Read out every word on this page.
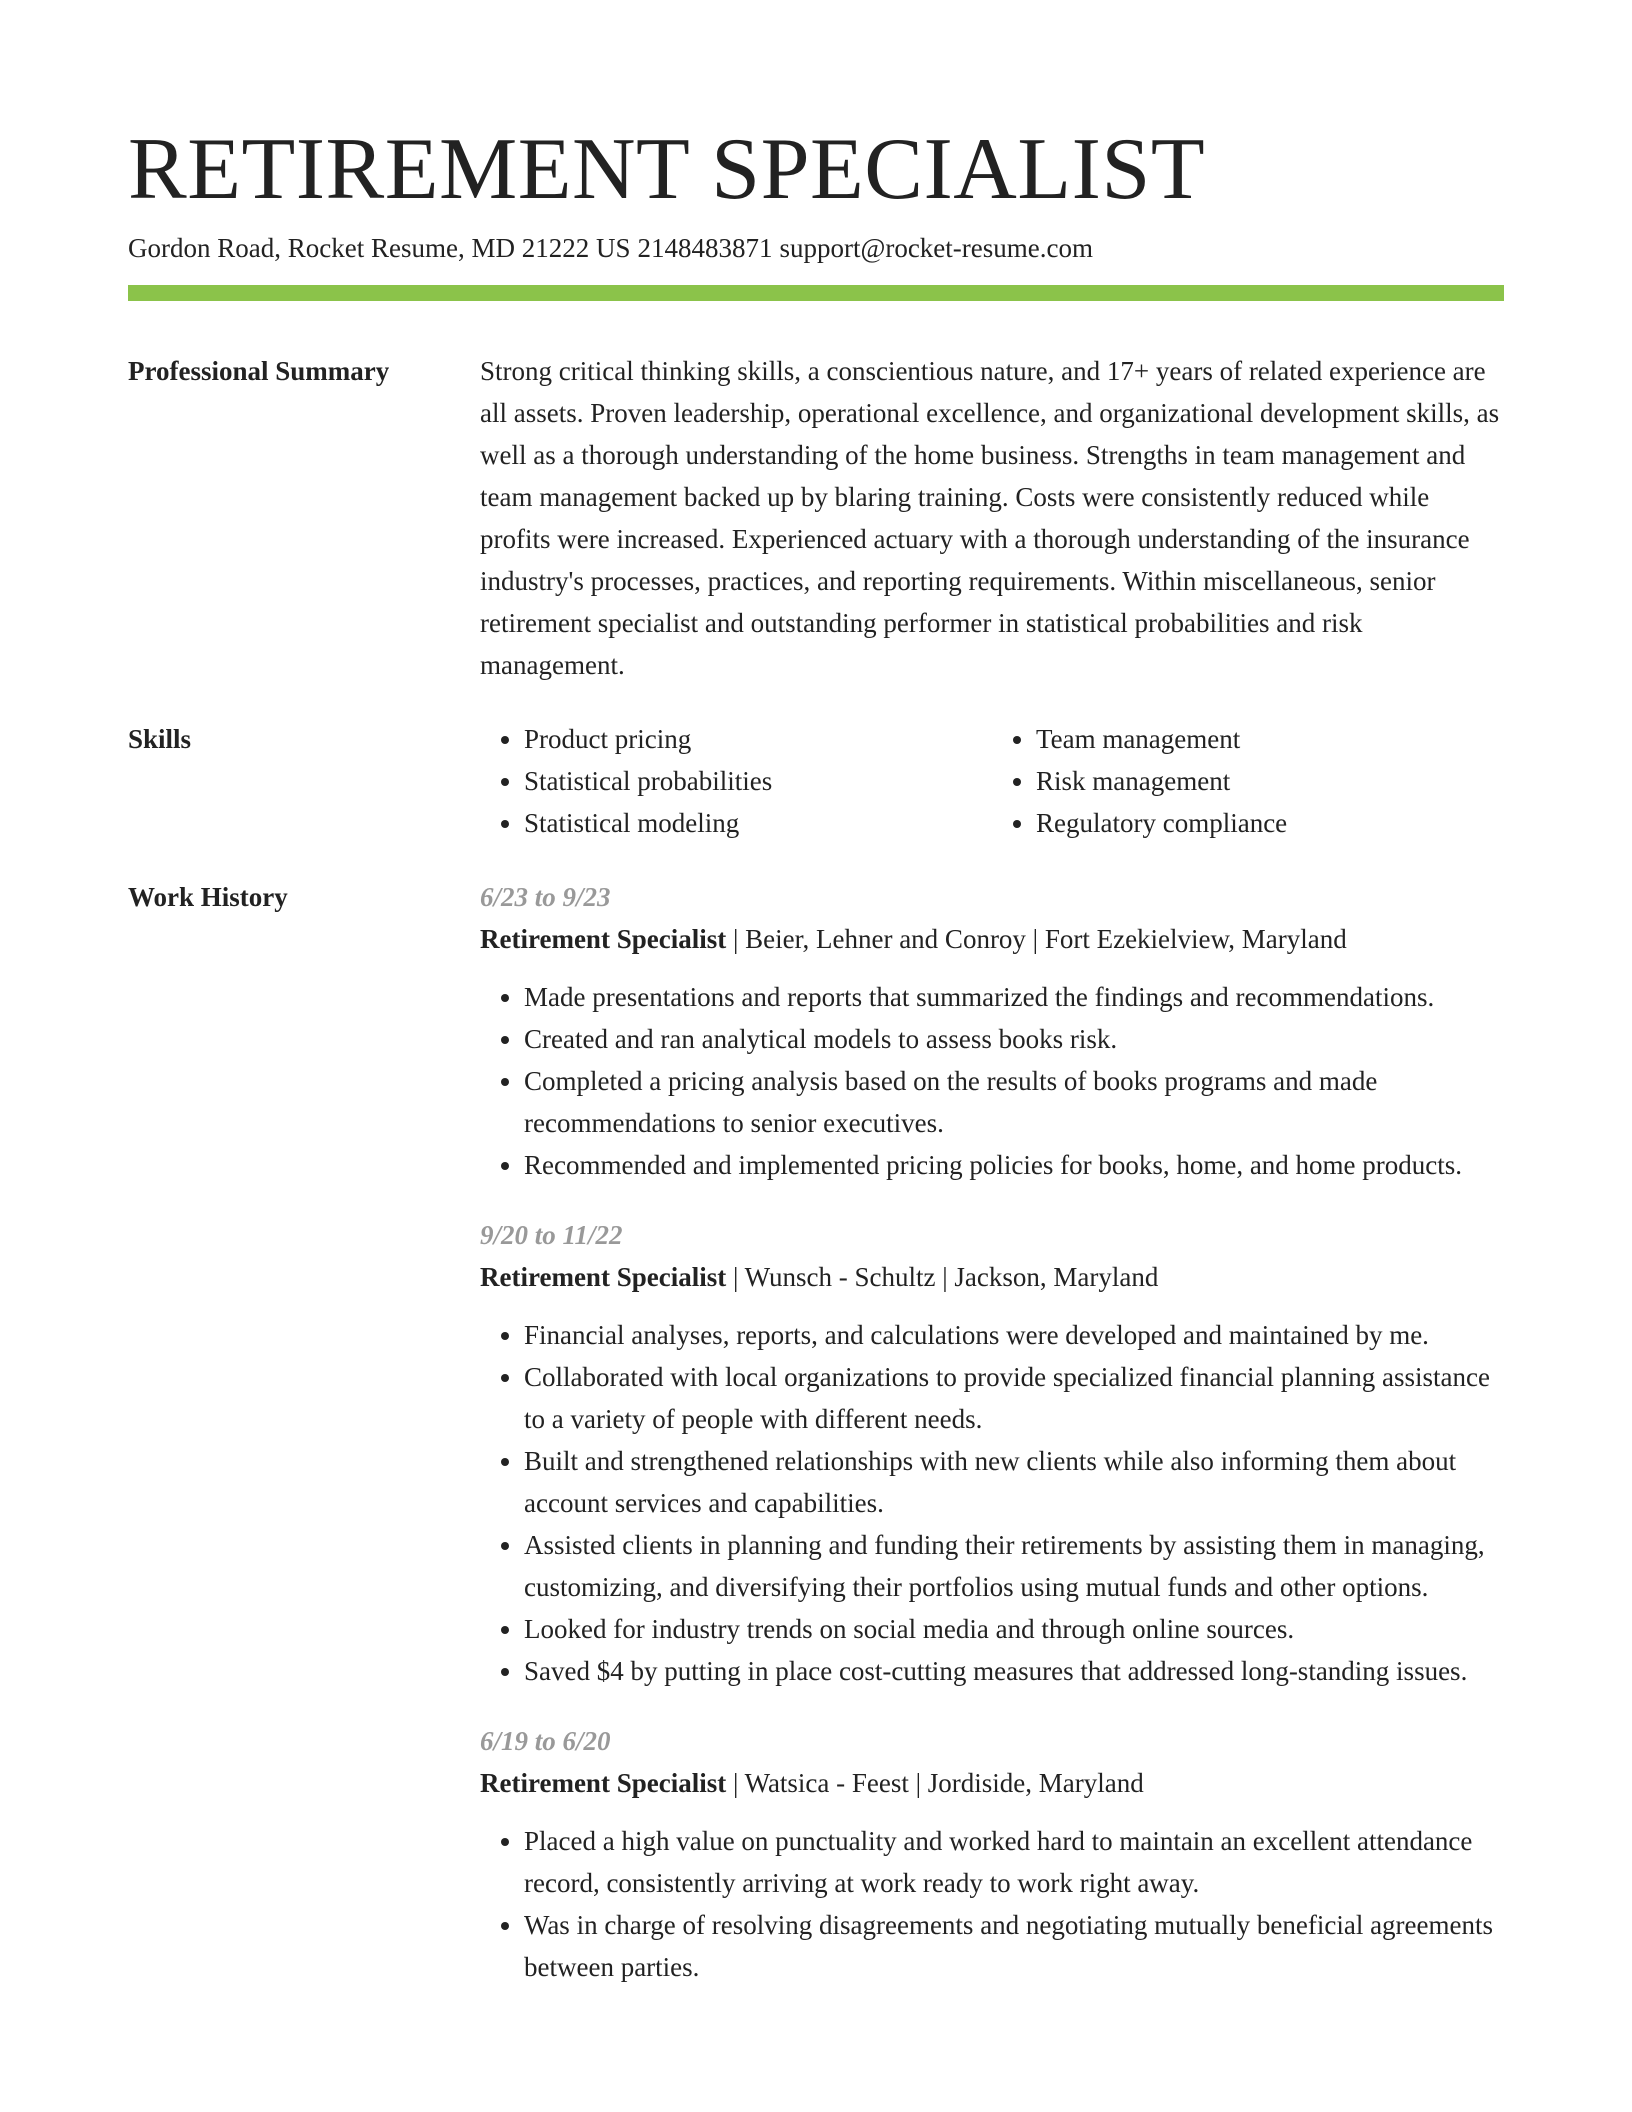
RETIREMENT SPECIALIST
Gordon Road, Rocket Resume, MD 21222 US 2148483871 support@rocket-resume.com
Professional Summary	Strong critical thinking skills, a conscientious nature, and 17+ years of related experience are all assets. Proven leadership, operational excellence, and organizational development skills, as well as a thorough understanding of the home business. Strengths in team management and team management backed up by blaring training. Costs were consistently reduced while profits were increased. Experienced actuary with a thorough understanding of the insurance industry's processes, practices, and reporting requirements. Within miscellaneous, senior retirement specialist and outstanding performer in statistical probabilities and risk management.

Skills
•	Product pricing
• Statistical probabilities
• Statistical modeling
• Team management
• Risk management
• Regulatory compliance
Work History	6/23 to 9/23
Retirement Specialist | Beier, Lehner and Conroy | Fort Ezekielview, Maryland
• Made presentations and reports that summarized the findings and recommendations.
• Created and ran analytical models to assess books risk.
• Completed a pricing analysis based on the results of books programs and made recommendations to senior executives.
• Recommended and implemented pricing policies for books, home, and home products.
9/20 to 11/22
Retirement Specialist | Wunsch - Schultz | Jackson, Maryland
• Financial analyses, reports, and calculations were developed and maintained by me.
• Collaborated with local organizations to provide specialized financial planning assistance to a variety of people with different needs.
• Built and strengthened relationships with new clients while also informing them about account services and capabilities.
• Assisted clients in planning and funding their retirements by assisting them in managing, customizing, and diversifying their portfolios using mutual funds and other options.
• Looked for industry trends on social media and through online sources.
• Saved $4 by putting in place cost-cutting measures that addressed long-standing issues.
6/19 to 6/20
Retirement Specialist | Watsica - Feest | Jordiside, Maryland
• Placed a high value on punctuality and worked hard to maintain an excellent attendance record, consistently arriving at work ready to work right away.
• Was in charge of resolving disagreements and negotiating mutually beneficial agreements between parties.
